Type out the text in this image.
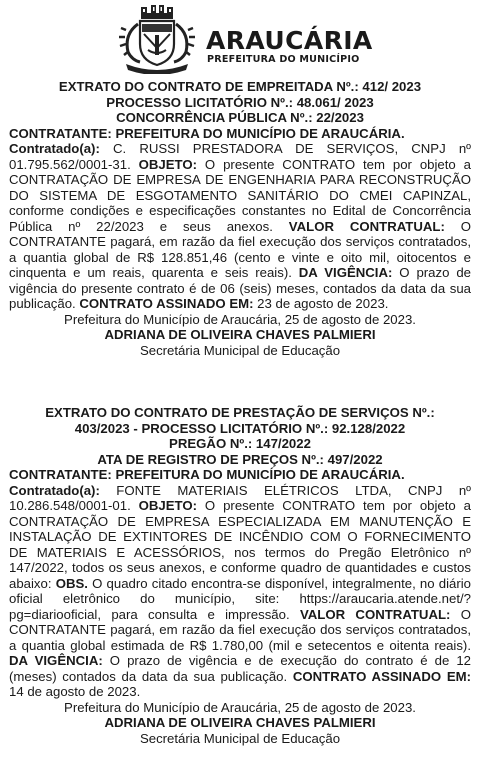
ARAUCÁRIA
PREFEITURA DO MUNICÍPIO
EXTRATO DO CONTRATO DE EMPREITADA Nº.: 412/ 2023
PROCESSO LICITATÓRIO Nº.: 48.061/ 2023
CONCORRÊNCIA PÚBLICA Nº.: 22/2023
CONTRATANTE: PREFEITURA DO MUNICÍPIO DE ARAUCÁRIA.
Contratado(a): C. RUSSI PRESTADORA DE SERVIÇOS, CNPJ nº 01.795.562/0001-31. OBJETO: O presente CONTRATO tem por objeto a CONTRATAÇÃO DE EMPRESA DE ENGENHARIA PARA RECONSTRUÇÃO DO SISTEMA DE ESGOTAMENTO SANITÁRIO DO CMEI CAPINZAL, conforme condições e especificações constantes no Edital de Concorrência Pública nº 22/2023 e seus anexos. VALOR CONTRATUAL: O CONTRATANTE pagará, em razão da fiel execução dos serviços contratados, a quantia global de R$ 128.851,46 (cento e vinte e oito mil, oitocentos e cinquenta e um reais, quarenta e seis reais). DA VIGÊNCIA: O prazo de vigência do presente contrato é de 06 (seis) meses, contados da data da sua publicação. CONTRATO ASSINADO EM: 23 de agosto de 2023.
Prefeitura do Município de Araucária, 25 de agosto de 2023.
ADRIANA DE OLIVEIRA CHAVES PALMIERI
Secretária Municipal de Educação
EXTRATO DO CONTRATO DE PRESTAÇÃO DE SERVIÇOS Nº.:
403/2023 - PROCESSO LICITATÓRIO Nº.: 92.128/2022
PREGÃO Nº.: 147/2022
ATA DE REGISTRO DE PREÇOS Nº.: 497/2022
CONTRATANTE: PREFEITURA DO MUNICÍPIO DE ARAUCÁRIA.
Contratado(a): FONTE MATERIAIS ELÉTRICOS LTDA, CNPJ nº 10.286.548/0001-01. OBJETO: O presente CONTRATO tem por objeto a CONTRATAÇÃO DE EMPRESA ESPECIALIZADA EM MANUTENÇÃO E INSTALAÇÃO DE EXTINTORES DE INCÊNDIO COM O FORNECIMENTO DE MATERIAIS E ACESSÓRIOS, nos termos do Pregão Eletrônico nº 147/2022, todos os seus anexos, e conforme quadro de quantidades e custos abaixo: OBS. O quadro citado encontra-se disponível, integralmente, no diário oficial eletrônico do município, site: https://araucaria.atende.net/?pg=diariooficial, para consulta e impressão. VALOR CONTRATUAL: O CONTRATANTE pagará, em razão da fiel execução dos serviços contratados, a quantia global estimada de R$ 1.780,00 (mil e setecentos e oitenta reais). DA VIGÊNCIA: O prazo de vigência e de execução do contrato é de 12 (meses) contados da data da sua publicação. CONTRATO ASSINADO EM: 14 de agosto de 2023.
Prefeitura do Município de Araucária, 25 de agosto de 2023.
ADRIANA DE OLIVEIRA CHAVES PALMIERI
Secretária Municipal de Educação
